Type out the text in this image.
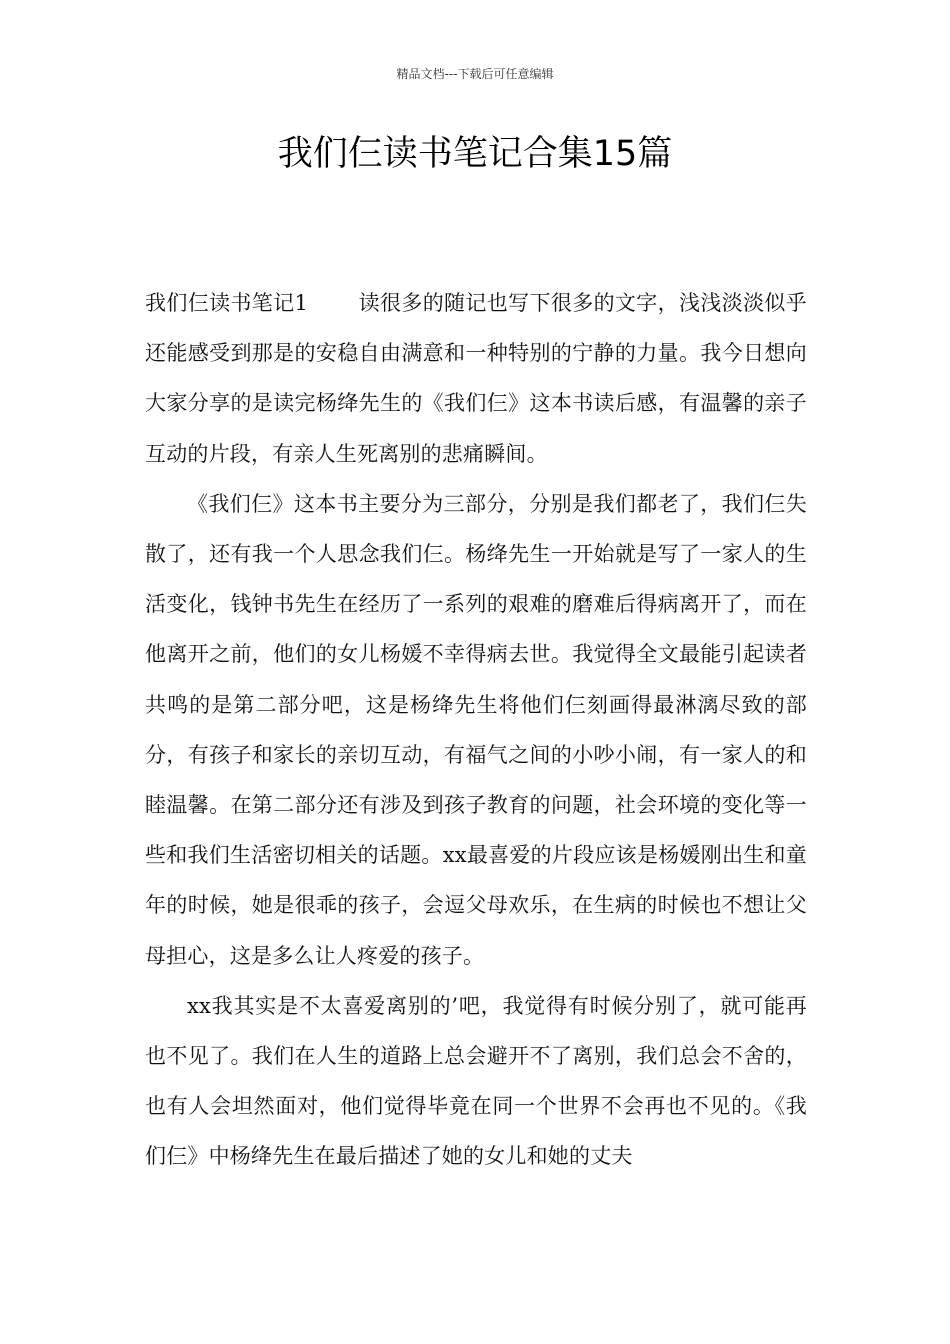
精品文档---下载后可任意编辑
我们仨读书笔记合集15篇

我们仨读书笔记1 读很多的随记也写下很多的文字，浅浅淡淡似乎还能感受到那是的安稳自由满意和一种特别的宁静的力量。我今日想向大家分享的是读完杨绛先生的《我们仨》这本书读后感，有温馨的亲子互动的片段，有亲人生死离别的悲痛瞬间。

《我们仨》这本书主要分为三部分，分别是我们都老了，我们仨失散了，还有我一个人思念我们仨。杨绛先生一开始就是写了一家人的生活变化，钱钟书先生在经历了一系列的艰难的磨难后得病离开了，而在他离开之前，他们的女儿杨媛不幸得病去世。我觉得全文最能引起读者共鸣的是第二部分吧，这是杨绛先生将他们仨刻画得最淋漓尽致的部分，有孩子和家长的亲切互动，有福气之间的小吵小闹，有一家人的和睦温馨。在第二部分还有涉及到孩子教育的问题，社会环境的变化等一些和我们生活密切相关的话题。xx最喜爱的片段应该是杨媛刚出生和童年的时候，她是很乖的孩子，会逗父母欢乐，在生病的时候也不想让父母担心，这是多么让人疼爱的孩子。

xx我其实是不太喜爱离别的’吧，我觉得有时候分别了，就可能再也不见了。我们在人生的道路上总会避开不了离别，我们总会不舍的，也有人会坦然面对，他们觉得毕竟在同一个世界不会再也不见的。《我们仨》中杨绛先生在最后描述了她的女儿和她的丈夫
